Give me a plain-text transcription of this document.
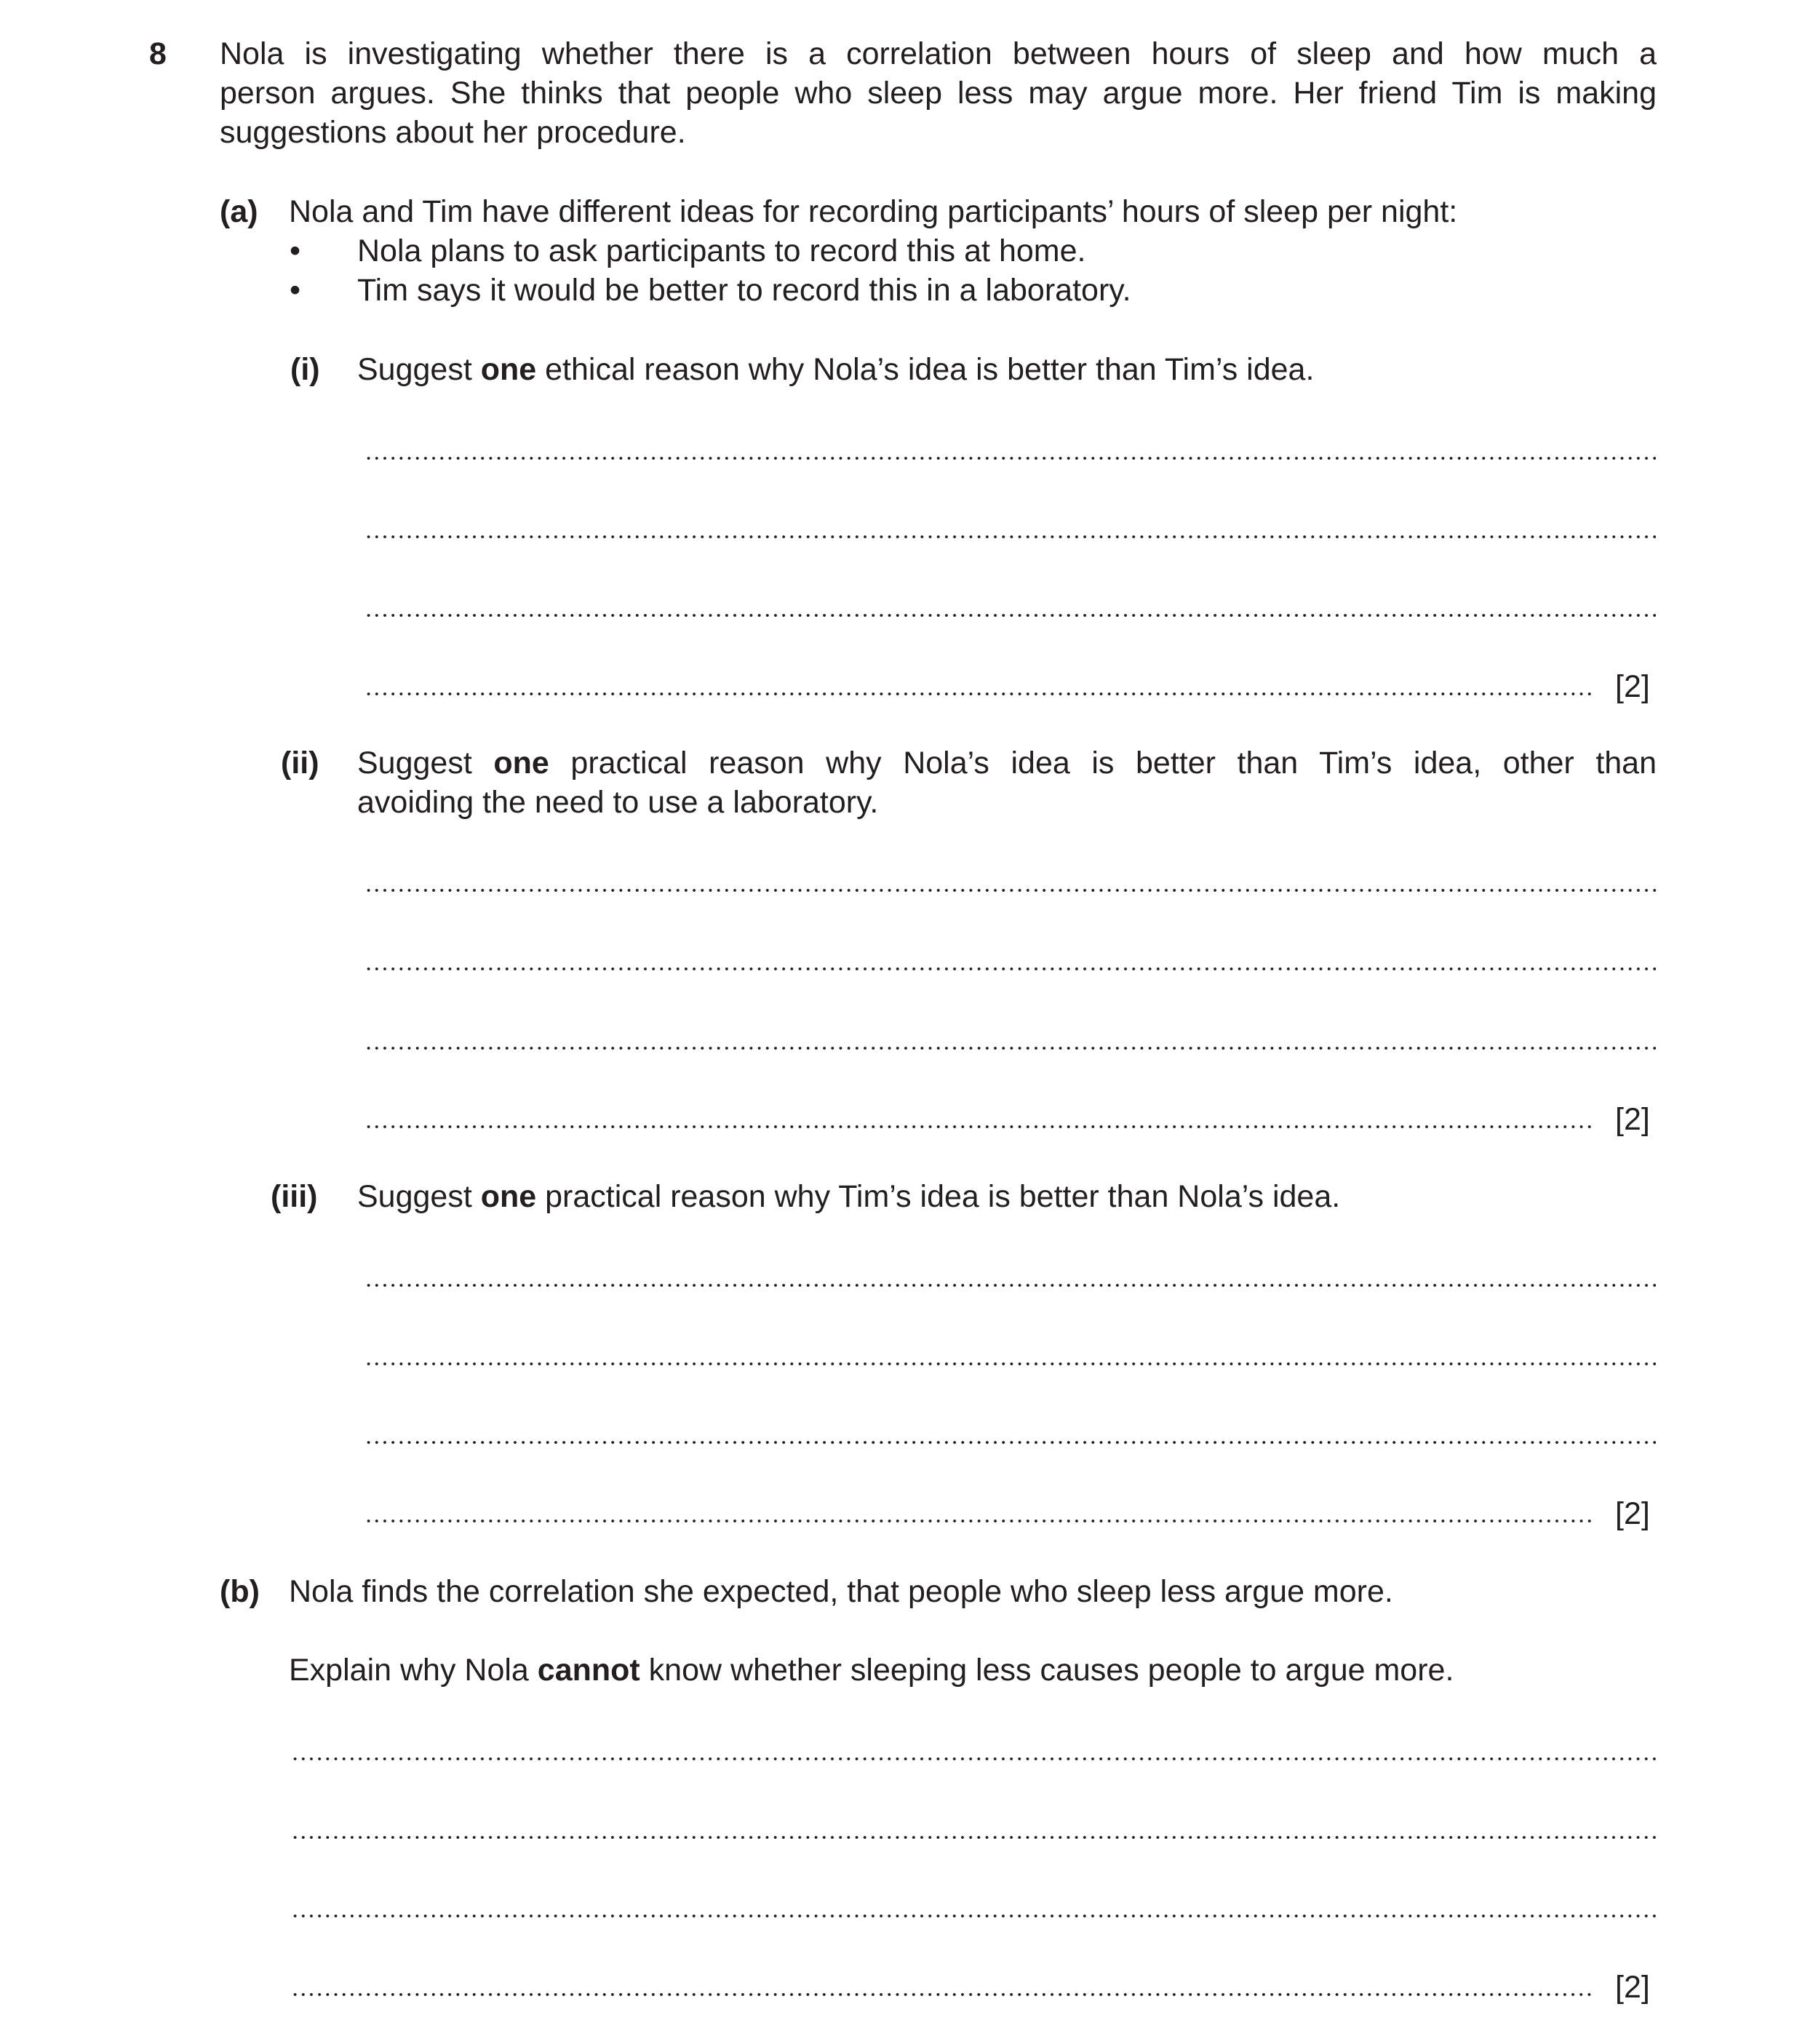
8 Nola is investigating whether there is a correlation between hours of sleep and how much a
person argues. She thinks that people who sleep less may argue more. Her friend Tim is making
suggestions about her procedure.
(a) Nola and Tim have different ideas for recording participants’ hours of sleep per night:
• Nola plans to ask participants to record this at home.
• Tim says it would be better to record this in a laboratory.
(i) Suggest one ethical reason why Nola’s idea is better than Tim’s idea.
[2]
(ii) Suggest one practical reason why Nola’s idea is better than Tim’s idea, other than
avoiding the need to use a laboratory.
[2]
(iii) Suggest one practical reason why Tim’s idea is better than Nola’s idea.
[2]
(b) Nola finds the correlation she expected, that people who sleep less argue more.
Explain why Nola cannot know whether sleeping less causes people to argue more.
[2]
